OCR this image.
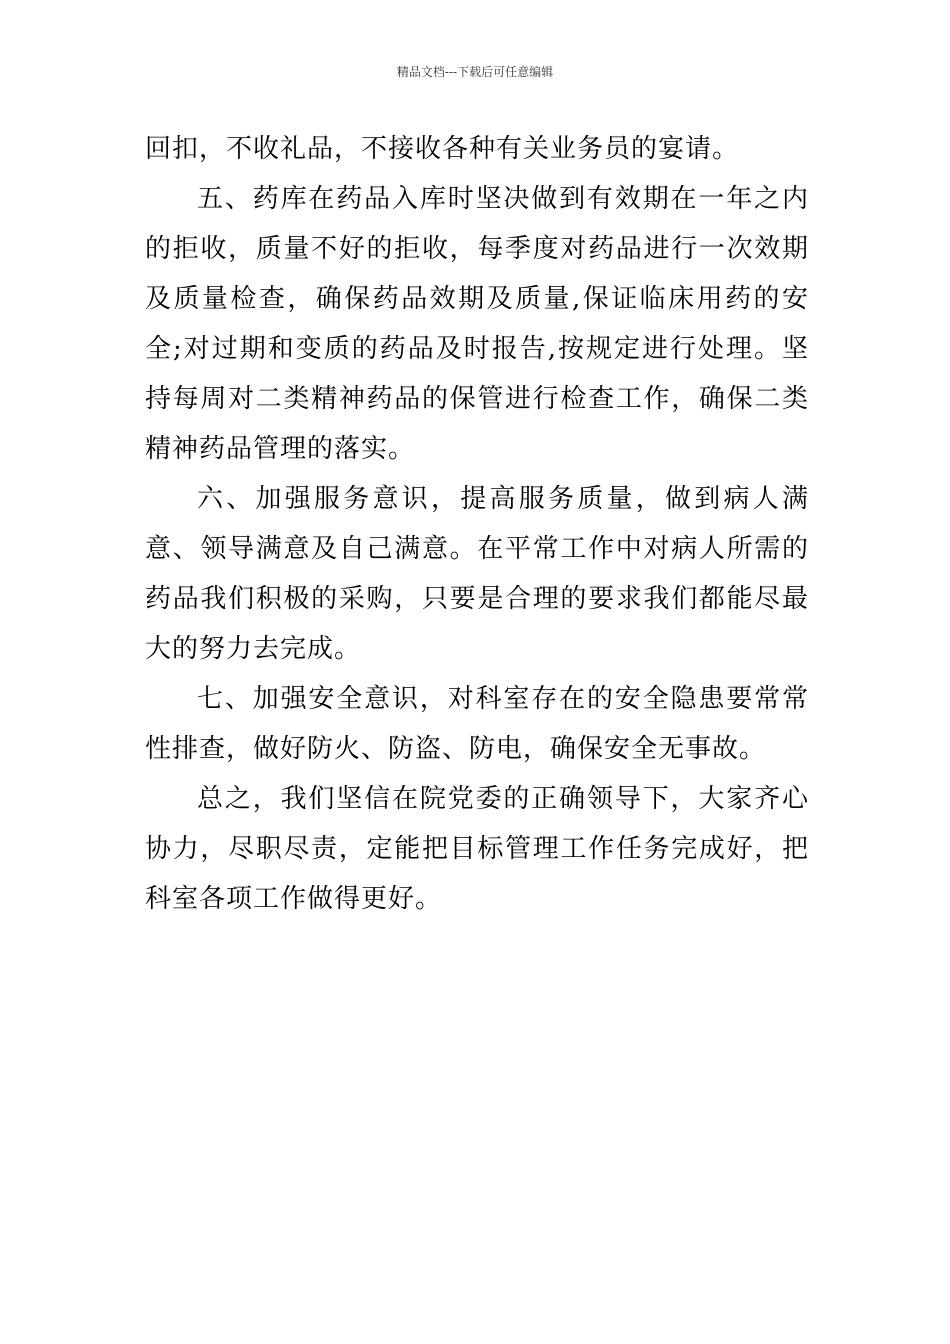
精品文档---下载后可任意编辑

回扣，不收礼品，不接收各种有关业务员的宴请。

五、药库在药品入库时坚决做到有效期在一年之内的拒收，质量不好的拒收，每季度对药品进行一次效期及质量检查，确保药品效期及质量,保证临床用药的安全;对过期和变质的药品及时报告,按规定进行处理。坚持每周对二类精神药品的保管进行检查工作，确保二类精神药品管理的落实。

六、加强服务意识，提高服务质量，做到病人满意、领导满意及自己满意。在平常工作中对病人所需的药品我们积极的采购，只要是合理的要求我们都能尽最大的努力去完成。

七、加强安全意识，对科室存在的安全隐患要常常性排查，做好防火、防盗、防电，确保安全无事故。

总之，我们坚信在院党委的正确领导下，大家齐心协力，尽职尽责，定能把目标管理工作任务完成好，把科室各项工作做得更好。
